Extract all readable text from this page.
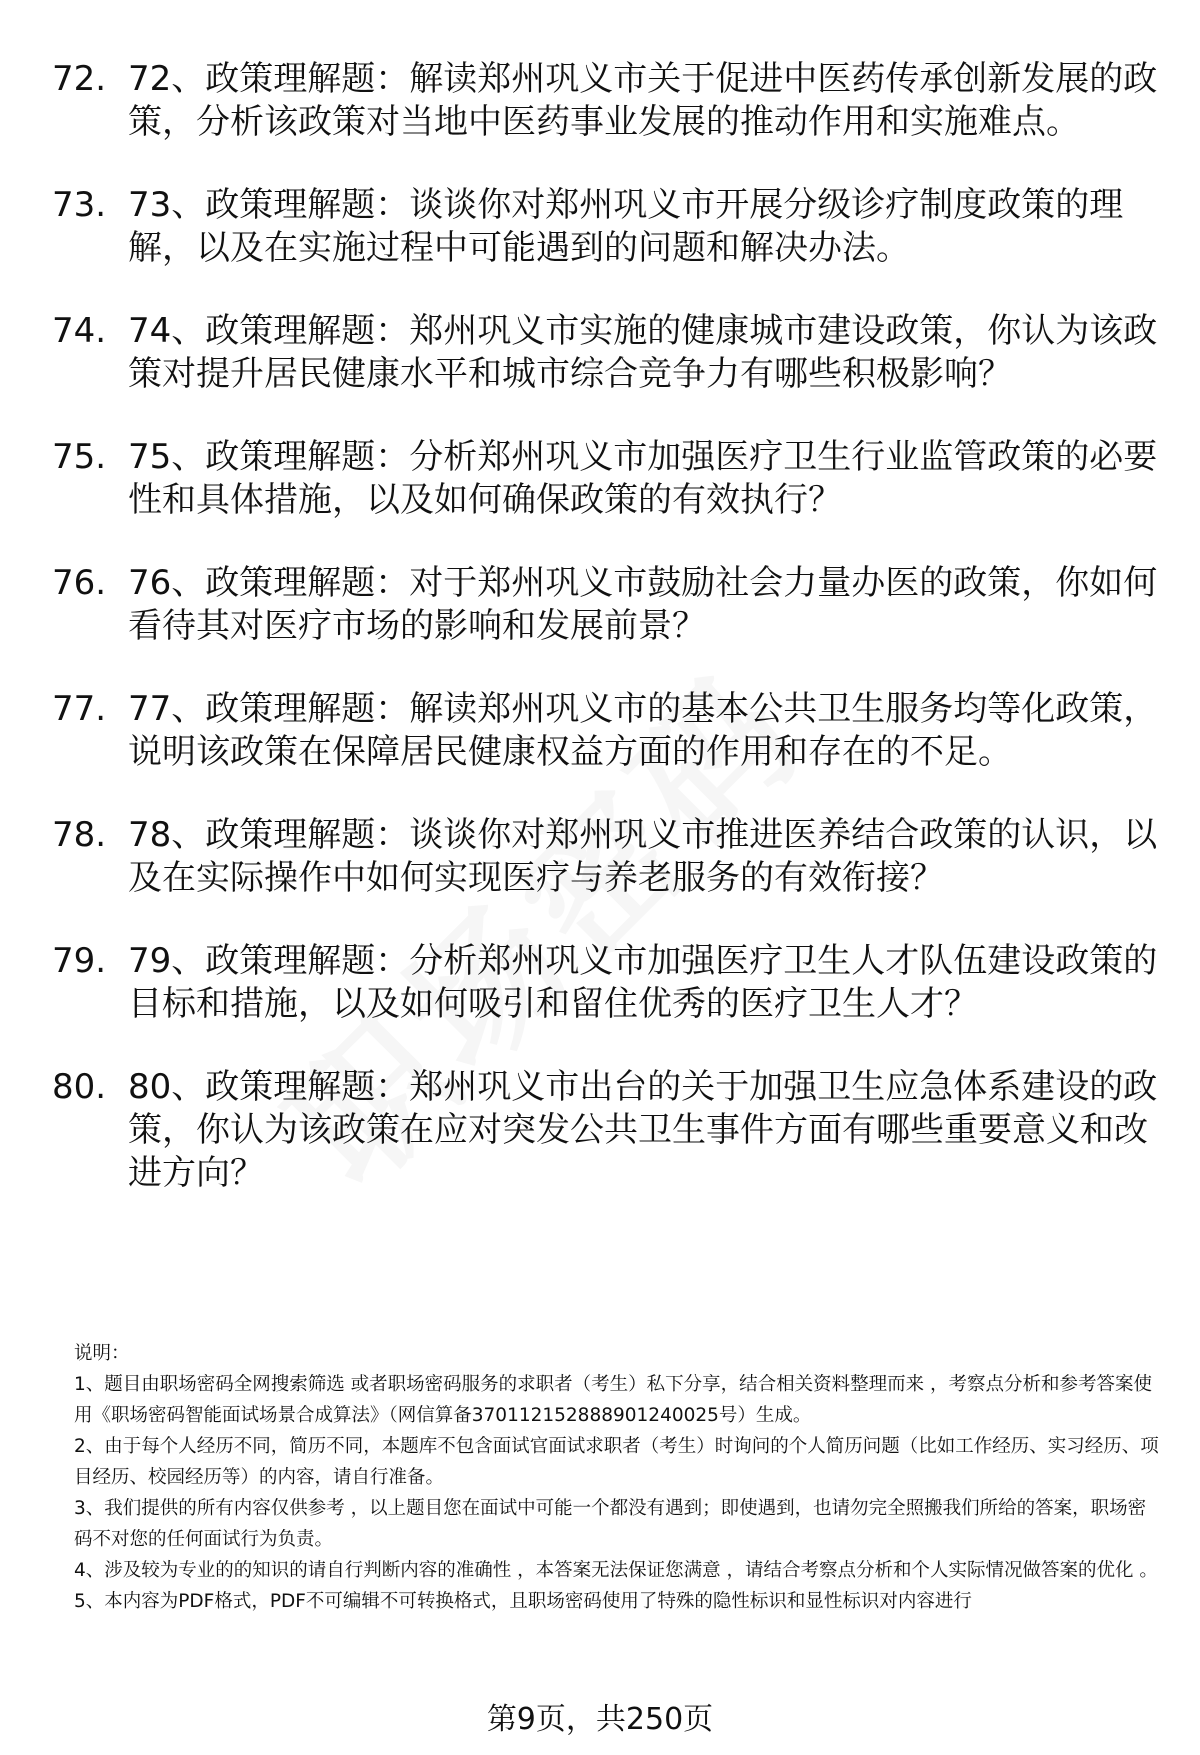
72. 72、政策理解题：解读郑州巩义市关于促进中医药传承创新发展的政策，分析该政策对当地中医药事业发展的推动作用和实施难点。
73. 73、政策理解题：谈谈你对郑州巩义市开展分级诊疗制度政策的理解，以及在实施过程中可能遇到的问题和解决办法。
74. 74、政策理解题：郑州巩义市实施的健康城市建设政策，你认为该政策对提升居民健康水平和城市综合竞争力有哪些积极影响？
75. 75、政策理解题：分析郑州巩义市加强医疗卫生行业监管政策的必要性和具体措施，以及如何确保政策的有效执行？
76. 76、政策理解题：对于郑州巩义市鼓励社会力量办医的政策，你如何看待其对医疗市场的影响和发展前景？
77. 77、政策理解题：解读郑州巩义市的基本公共卫生服务均等化政策，说明该政策在保障居民健康权益方面的作用和存在的不足。
78. 78、政策理解题：谈谈你对郑州巩义市推进医养结合政策的认识，以及在实际操作中如何实现医疗与养老服务的有效衔接？
79. 79、政策理解题：分析郑州巩义市加强医疗卫生人才队伍建设政策的目标和措施，以及如何吸引和留住优秀的医疗卫生人才？
80. 80、政策理解题：郑州巩义市出台的关于加强卫生应急体系建设的政策，你认为该政策在应对突发公共卫生事件方面有哪些重要意义和改进方向？

说明：

1、题目由职场密码全网搜索筛选 或者职场密码服务的求职者（考生）私下分享，结合相关资料整理而来 ，考察点分析和参考答案使用《职场密码智能面试场景合成算法》（网信算备370112152888901240025号）生成。

2、由于每个人经历不同，简历不同，本题库不包含面试官面试求职者（考生）时询问的个人简历问题（比如工作经历、实习经历、项目经历、校园经历等）的内容，请自行准备。

3、我们提供的所有内容仅供参考 ，以上题目您在面试中可能一个都没有遇到；即使遇到，也请勿完全照搬我们所给的答案，职场密码不对您的任何面试行为负责。

4、涉及较为专业的的知识的请自行判断内容的准确性 ，本答案无法保证您满意 ，请结合考察点分析和个人实际情况做答案的优化 。

5、本内容为PDF格式，PDF不可编辑不可转换格式，且职场密码使用了特殊的隐性标识和显性标识对内容进行

第9页，共250页
